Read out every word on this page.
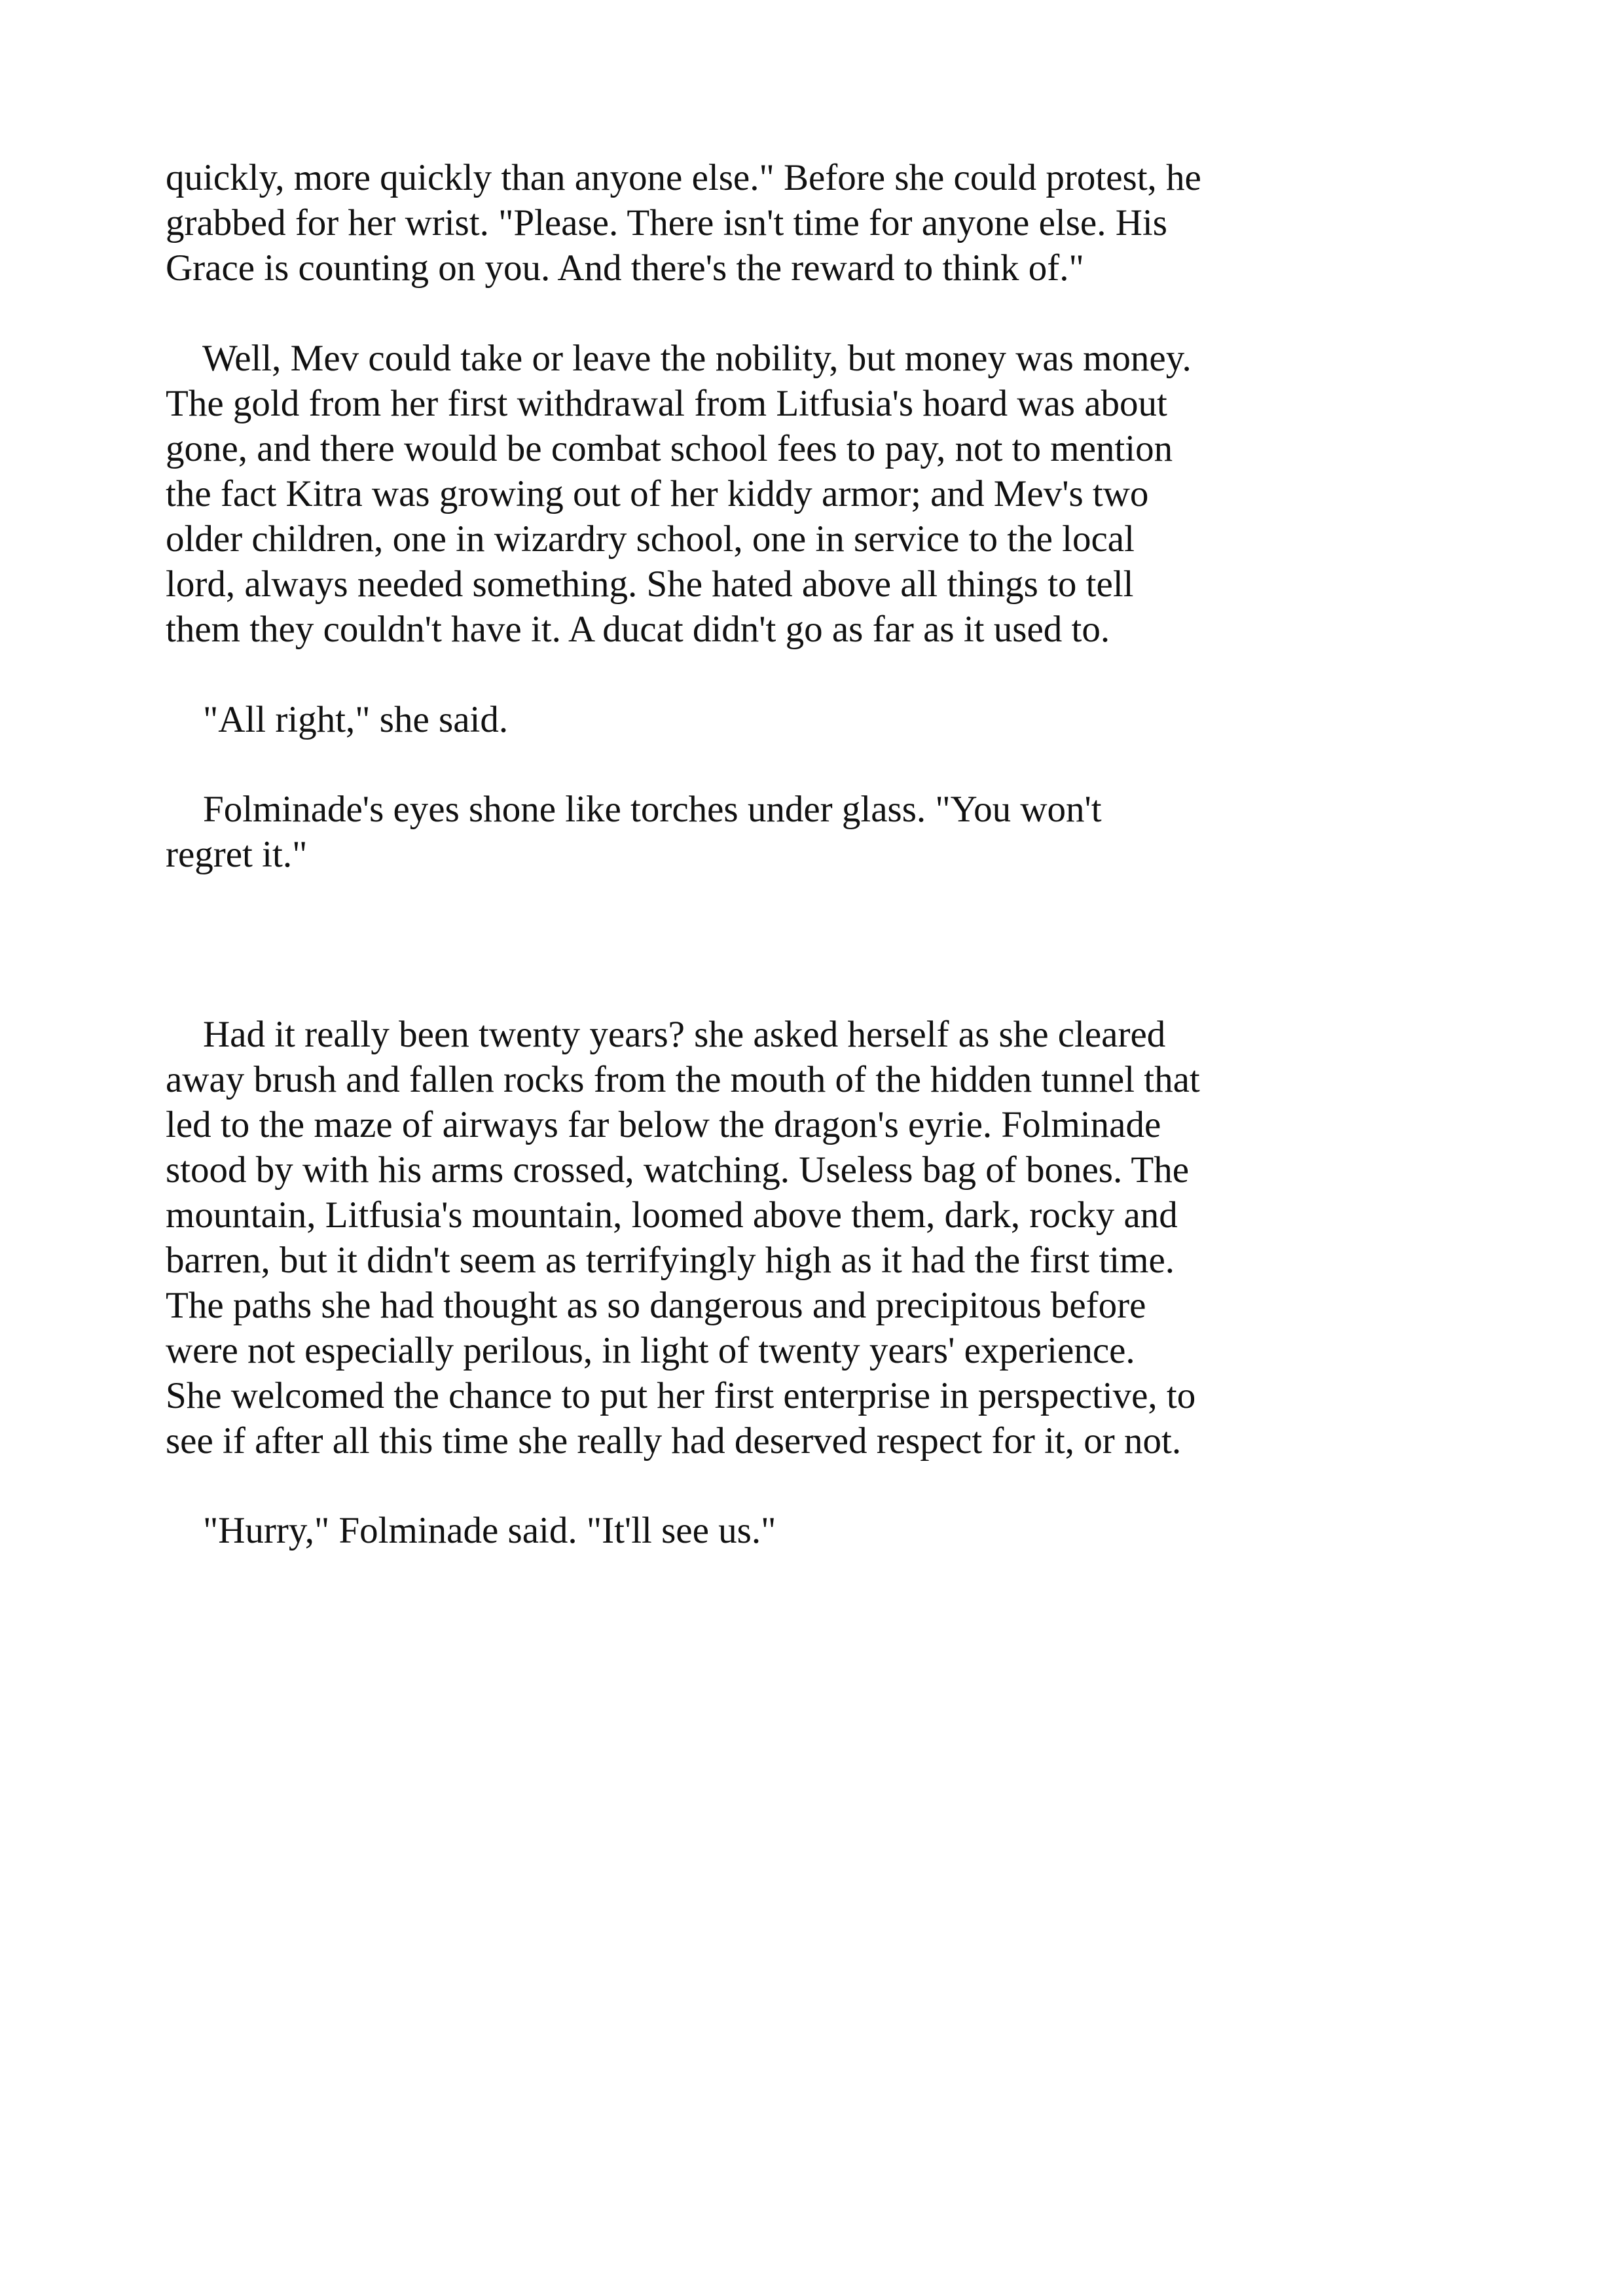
quickly, more quickly than anyone else." Before she could protest, he
grabbed for her wrist. "Please. There isn't time for anyone else. His
Grace is counting on you. And there's the reward to think of."
Well, Mev could take or leave the nobility, but money was money.
The gold from her first withdrawal from Litfusia's hoard was about
gone, and there would be combat school fees to pay, not to mention
the fact Kitra was growing out of her kiddy armor; and Mev's two
older children, one in wizardry school, one in service to the local
lord, always needed something. She hated above all things to tell
them they couldn't have it. A ducat didn't go as far as it used to.
"All right," she said.
Folminade's eyes shone like torches under glass. "You won't
regret it."
Had it really been twenty years? she asked herself as she cleared
away brush and fallen rocks from the mouth of the hidden tunnel that
led to the maze of airways far below the dragon's eyrie. Folminade
stood by with his arms crossed, watching. Useless bag of bones. The
mountain, Litfusia's mountain, loomed above them, dark, rocky and
barren, but it didn't seem as terrifyingly high as it had the first time.
The paths she had thought as so dangerous and precipitous before
were not especially perilous, in light of twenty years' experience.
She welcomed the chance to put her first enterprise in perspective, to
see if after all this time she really had deserved respect for it, or not.
"Hurry," Folminade said. "It'll see us."
